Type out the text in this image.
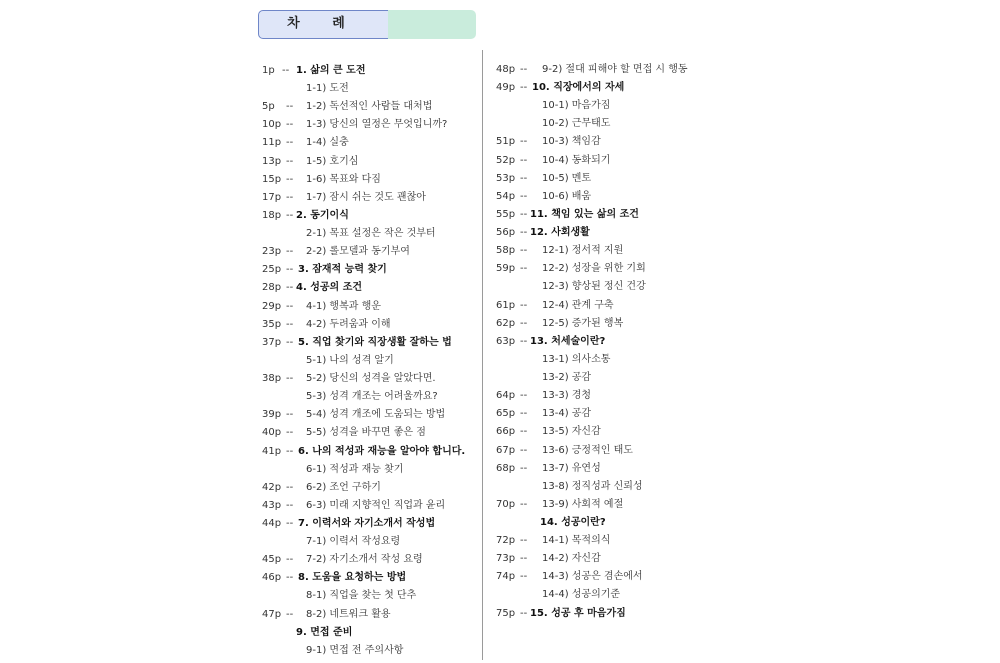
차 례
1p -- 1. 삶의 큰 도전
1-1) 도전
5p -- 1-2) 독선적인 사람들 대처법
10p -- 1-3) 당신의 열정은 무엇입니까?
11p -- 1-4) 실충
13p -- 1-5) 호기심
15p -- 1-6) 목표와 다짐
17p -- 1-7) 잠시 쉬는 것도 괜찮아
18p -- 2. 동기이식
2-1) 목표 설정은 작은 것부터
23p -- 2-2) 롤모델과 동기부여
25p -- 3. 잠재적 능력 찾기
28p -- 4. 성공의 조건
29p -- 4-1) 행복과 행운
35p -- 4-2) 두려움과 이해
37p -- 5. 직업 찾기와 직장생활 잘하는 법
5-1) 나의 성격 알기
38p -- 5-2) 당신의 성격을 알았다면.
5-3) 성격 개조는 어려울까요?
39p -- 5-4) 성격 개조에 도움되는 방법
40p -- 5-5) 성격을 바꾸면 좋은 점
41p -- 6. 나의 적성과 재능을 알아야 합니다.
6-1) 적성과 재능 찾기
42p -- 6-2) 조언 구하기
43p -- 6-3) 미래 지향적인 직업과 윤리
44p -- 7. 이력서와 자기소개서 작성법
7-1) 이력서 작성요령
45p -- 7-2) 자기소개서 작성 요령
46p -- 8. 도움을 요청하는 방법
8-1) 직업을 찾는 첫 단추
47p -- 8-2) 네트워크 활용
9. 면접 준비
9-1) 면접 전 주의사항
48p -- 9-2) 절대 피해야 할 면접 시 행동
49p -- 10. 직장에서의 자세
10-1) 마음가짐
10-2) 근무태도
51p -- 10-3) 책임감
52p -- 10-4) 동화되기
53p -- 10-5) 멘토
54p -- 10-6) 배움
55p -- 11. 책임 있는 삶의 조건
56p -- 12. 사회생활
58p -- 12-1) 정서적 지원
59p -- 12-2) 성장을 위한 기회
12-3) 향상된 정신 건강
61p -- 12-4) 관계 구축
62p -- 12-5) 증가된 행복
63p -- 13. 처세술이란?
13-1) 의사소통
13-2) 공감
64p -- 13-3) 경청
65p -- 13-4) 공감
66p -- 13-5) 자신감
67p -- 13-6) 긍정적인 태도
68p -- 13-7) 유연성
13-8) 정직성과 신뢰성
70p -- 13-9) 사회적 예절
14. 성공이란?
72p -- 14-1) 목적의식
73p -- 14-2) 자신감
74p -- 14-3) 성공은 겸손에서
14-4) 성공의기준
75p -- 15. 성공 후 마음가짐
